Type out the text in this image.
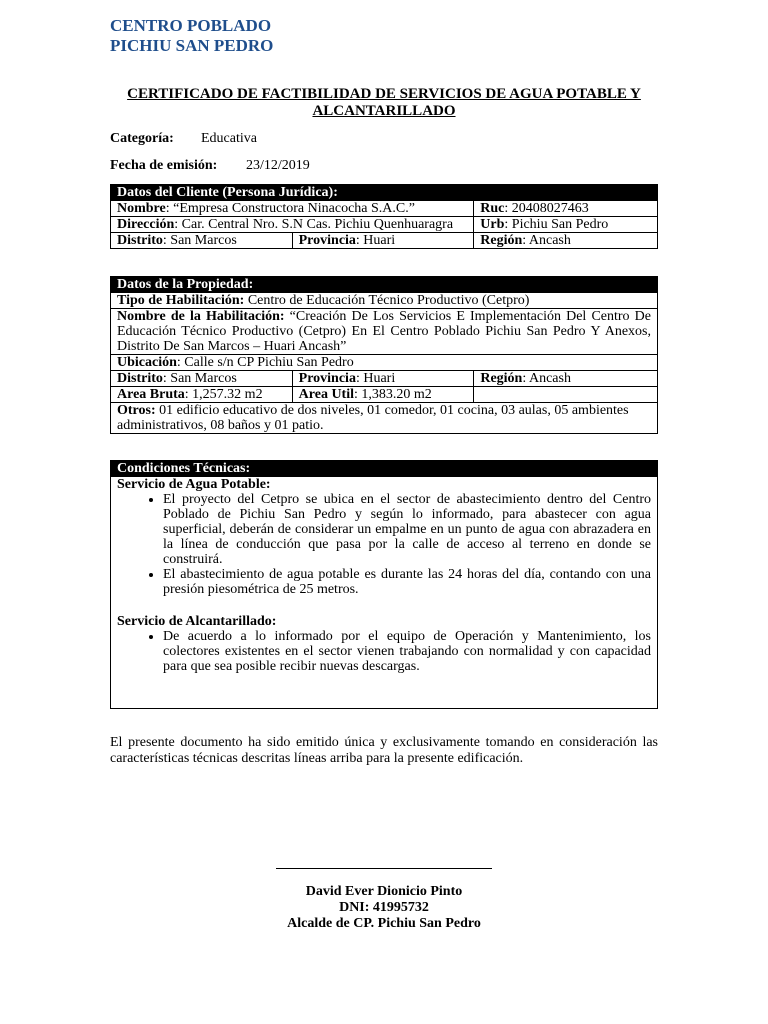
CENTRO POBLADO
PICHIU SAN PEDRO
CERTIFICADO DE FACTIBILIDAD DE SERVICIOS DE AGUA POTABLE Y ALCANTARILLADO
Categoría: Educativa
Fecha de emisión: 23/12/2019
Datos del Cliente (Persona Jurídica):		
Nombre: “Empresa Constructora Ninacocha S.A.C.”		Ruc: 20408027463
Dirección: Car. Central Nro. S.N Cas. Pichiu Quenhuaragra		Urb: Pichiu San Pedro
Distrito: San Marcos	Provincia: Huari	Región: Ancash
Datos de la Propiedad:		
Tipo de Habilitación: Centro de Educación Técnico Productivo (Cetpro)		
Nombre de la Habilitación: “Creación De Los Servicios E Implementación Del Centro De Educación Técnico Productivo (Cetpro) En El Centro Poblado Pichiu San Pedro Y Anexos, Distrito De San Marcos – Huari Ancash”		
Ubicación: Calle s/n CP Pichiu San Pedro		
Distrito: San Marcos	Provincia: Huari	Región: Ancash
Area Bruta: 1,257.32 m2	Area Util: 1,383.20 m2	
Otros: 01 edificio educativo de dos niveles, 01 comedor, 01 cocina, 03 aulas, 05 ambientes administrativos, 08 baños y 01 patio.		
Condiciones Técnicas:
Servicio de Agua Potable:
• El proyecto del Cetpro se ubica en el sector de abastecimiento dentro del Centro Poblado de Pichiu San Pedro y según lo informado, para abastecer con agua superficial, deberán de considerar un empalme en un punto de agua con abrazadera en la línea de conducción que pasa por la calle de acceso al terreno en donde se construirá.
• El abastecimiento de agua potable es durante las 24 horas del día, contando con una presión piesométrica de 25 metros.
Servicio de Alcantarillado:
• De acuerdo a lo informado por el equipo de Operación y Mantenimiento, los colectores existentes en el sector vienen trabajando con normalidad y con capacidad para que sea posible recibir nuevas descargas.
El presente documento ha sido emitido única y exclusivamente tomando en consideración las características técnicas descritas líneas arriba para la presente edificación.
David Ever Dionicio Pinto
DNI: 41995732
Alcalde de CP. Pichiu San Pedro
